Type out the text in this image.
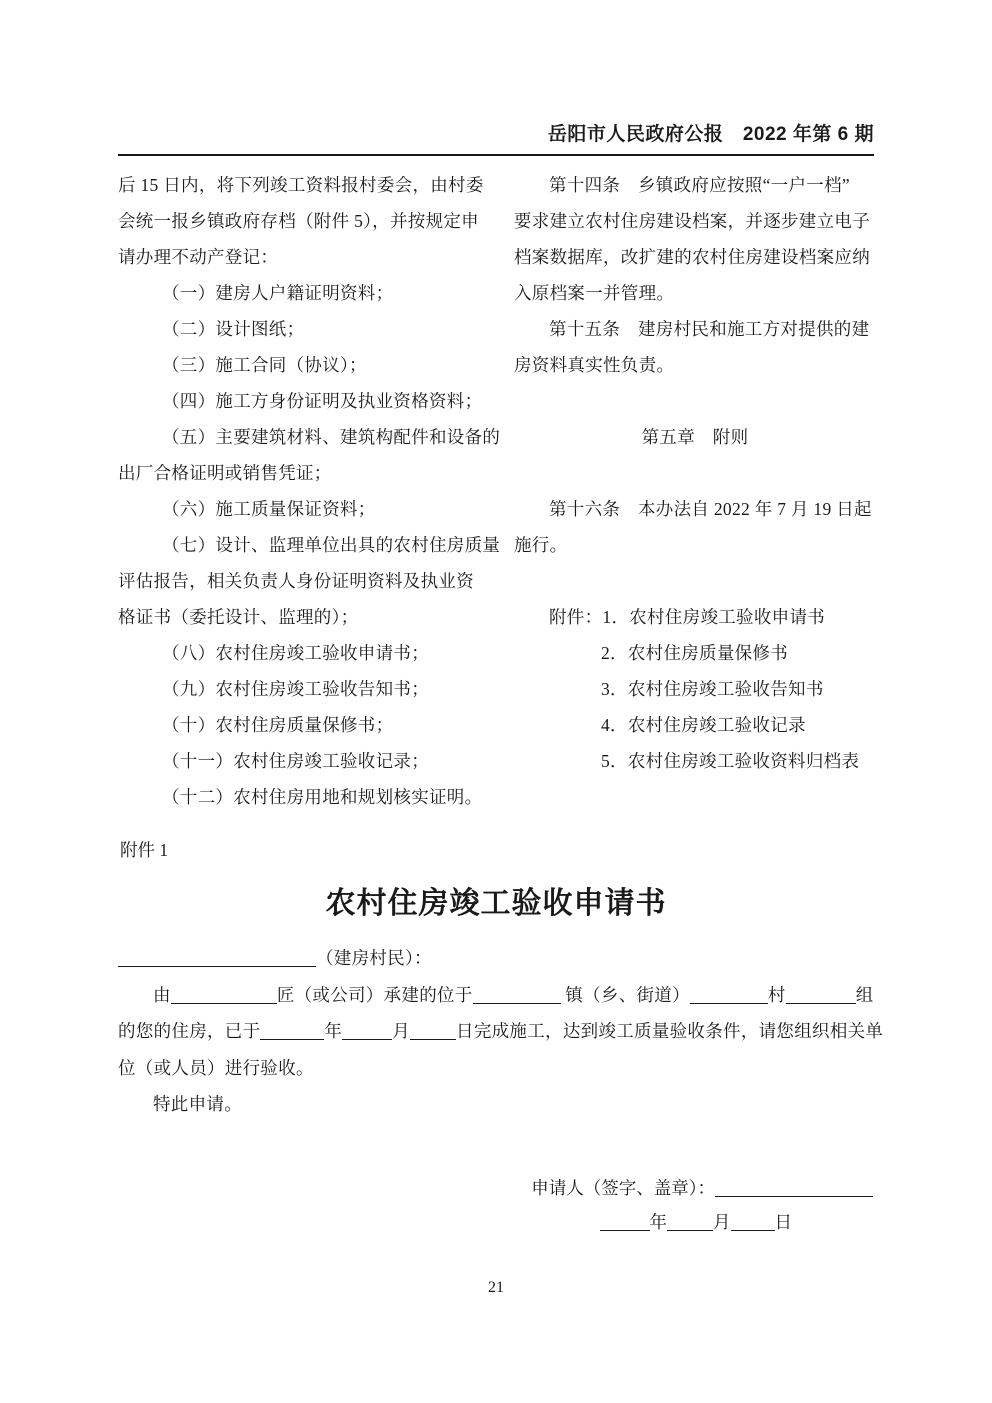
岳阳市人民政府公报　2022 年第 6 期
后 15 日内，将下列竣工资料报村委会，由村委
会统一报乡镇政府存档（附件 5），并按规定申
请办理不动产登记：
（一）建房人户籍证明资料；
（二）设计图纸；
（三）施工合同（协议）；
（四）施工方身份证明及执业资格资料；
（五）主要建筑材料、建筑构配件和设备的
出厂合格证明或销售凭证；
（六）施工质量保证资料；
（七）设计、监理单位出具的农村住房质量
评估报告，相关负责人身份证明资料及执业资
格证书（委托设计、监理的）；
（八）农村住房竣工验收申请书；
（九）农村住房竣工验收告知书；
（十）农村住房质量保修书；
（十一）农村住房竣工验收记录；
（十二）农村住房用地和规划核实证明。
第十四条　乡镇政府应按照“一户一档”
要求建立农村住房建设档案，并逐步建立电子
档案数据库，改扩建的农村住房建设档案应纳
入原档案一并管理。
第十五条　建房村民和施工方对提供的建
房资料真实性负责。
第五章　附则
第十六条　本办法自 2022 年 7 月 19 日起
施行。
附件：1．农村住房竣工验收申请书
2．农村住房质量保修书
3．农村住房竣工验收告知书
4．农村住房竣工验收记录
5．农村住房竣工验收资料归档表
附件 1
农村住房竣工验收申请书
（建房村民）：
由	匠（或公司）承建的位于	镇（乡、街道）	村	组
的您的住房，已于	年	月	日完成施工，达到竣工质量验收条件，请您组织相关单
位（或人员）进行验收。
特此申请。
申请人（签字、盖章）：
年	月	日
21
